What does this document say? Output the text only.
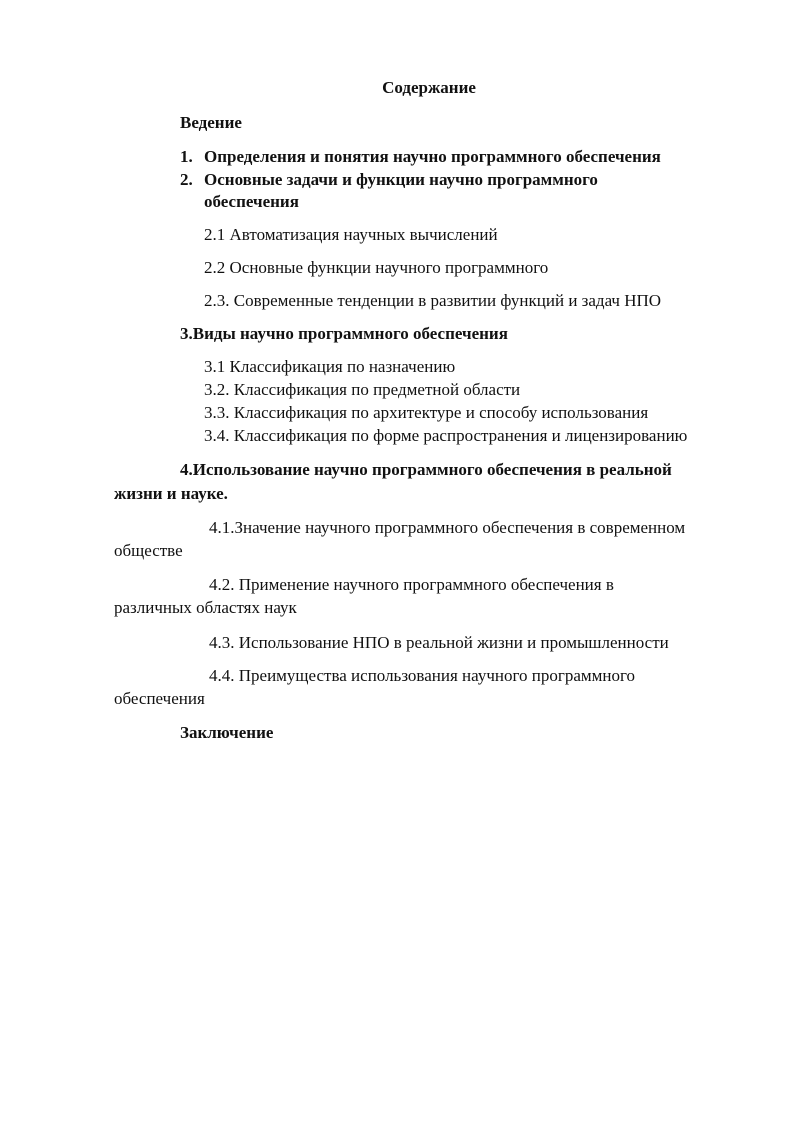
Содержание
Ведение
1. Определения и понятия научно программного обеспечения
2. Основные задачи и функции научно программного
обеспечения
2.1 Автоматизация научных вычислений
2.2 Основные функции научного программного
2.3. Современные тенденции в развитии функций и задач НПО
3.Виды научно программного обеспечения
3.1 Классификация по назначению
3.2. Классификация по предметной области
3.3. Классификация по архитектуре и способу использования
3.4. Классификация по форме распространения и лицензированию
4.Использование научно программного обеспечения в реальной
жизни и науке.
4.1.Значение научного программного обеспечения в современном
обществе
4.2. Применение научного программного обеспечения в
различных областях наук
4.3. Использование НПО в реальной жизни и промышленности
4.4. Преимущества использования научного программного
обеспечения
Заключение
